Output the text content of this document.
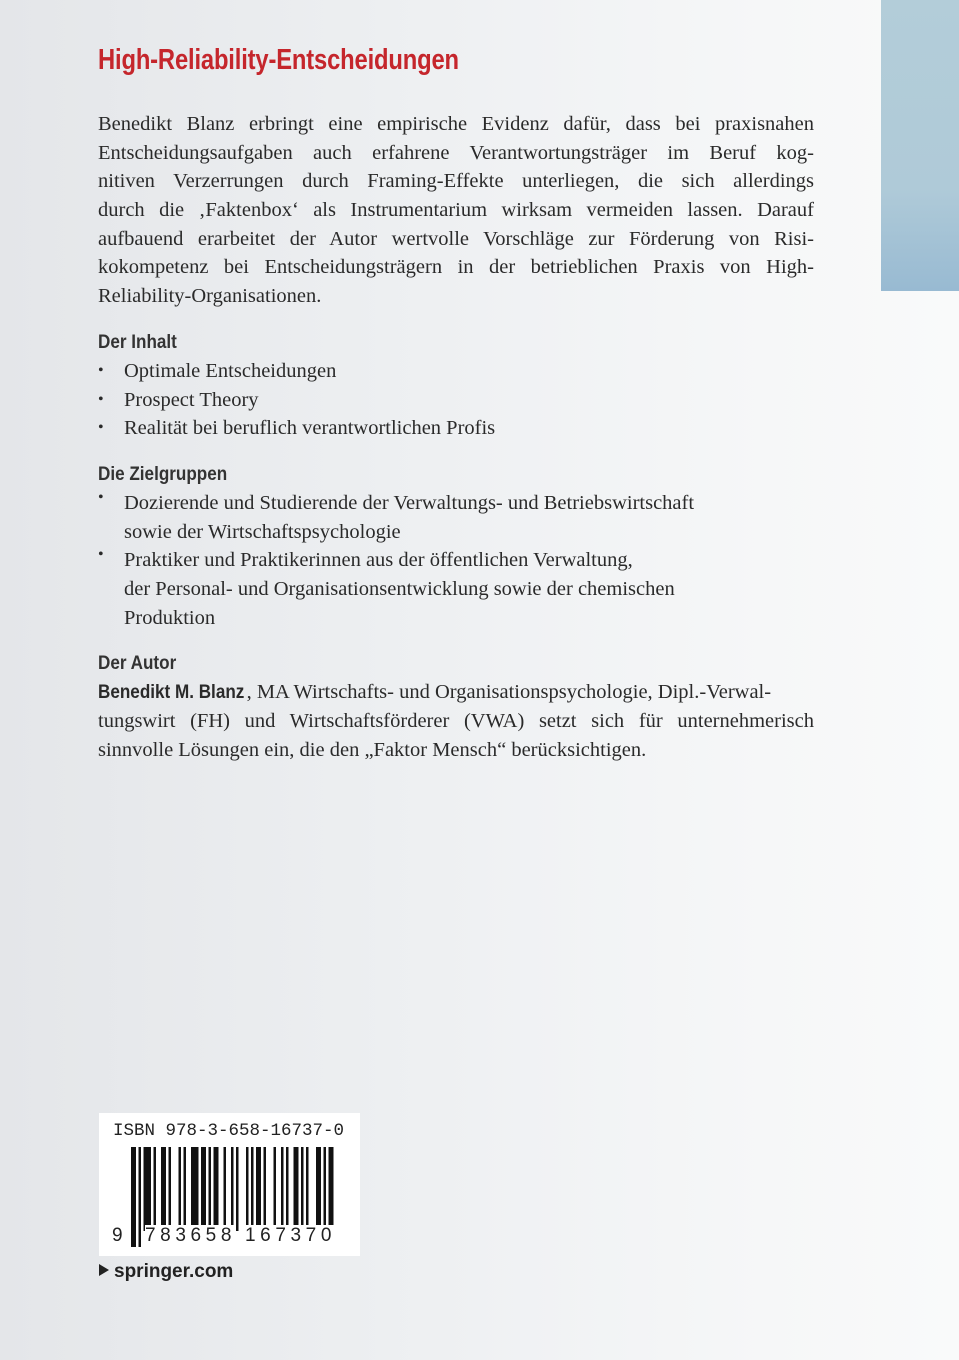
High-Reliability-Entscheidungen
Benedikt Blanz erbringt eine empirische Evidenz dafür, dass bei praxisnahen
Entscheidungsaufgaben auch erfahrene Verantwortungsträger im Beruf kog-
nitiven Verzerrungen durch Framing-Effekte unterliegen, die sich allerdings
durch die ‚Faktenbox‘ als Instrumentarium wirksam vermeiden lassen. Darauf
aufbauend erarbeitet der Autor wertvolle Vorschläge zur Förderung von Risi-
kokompetenz bei Entscheidungsträgern in der betrieblichen Praxis von High-
Reliability-Organisationen.
Der Inhalt
• Optimale Entscheidungen
• Prospect Theory
• Realität bei beruflich verantwortlichen Profis
Die Zielgruppen
• Dozierende und Studierende der Verwaltungs- und Betriebswirtschaft
sowie der Wirtschaftspsychologie
• Praktiker und Praktikerinnen aus der öffentlichen Verwaltung,
der Personal- und Organisationsentwicklung sowie der chemischen
Produktion
Der Autor
Benedikt M. Blanz , MA Wirtschafts- und Organisationspsychologie, Dipl.-Verwal-
tungswirt (FH) und Wirtschaftsförderer (VWA) setzt sich für unternehmerisch
sinnvolle Lösungen ein, die den „Faktor Mensch“ berücksichtigen.
ISBN 978-3-658-16737-0
9 783658 167370
springer.com
